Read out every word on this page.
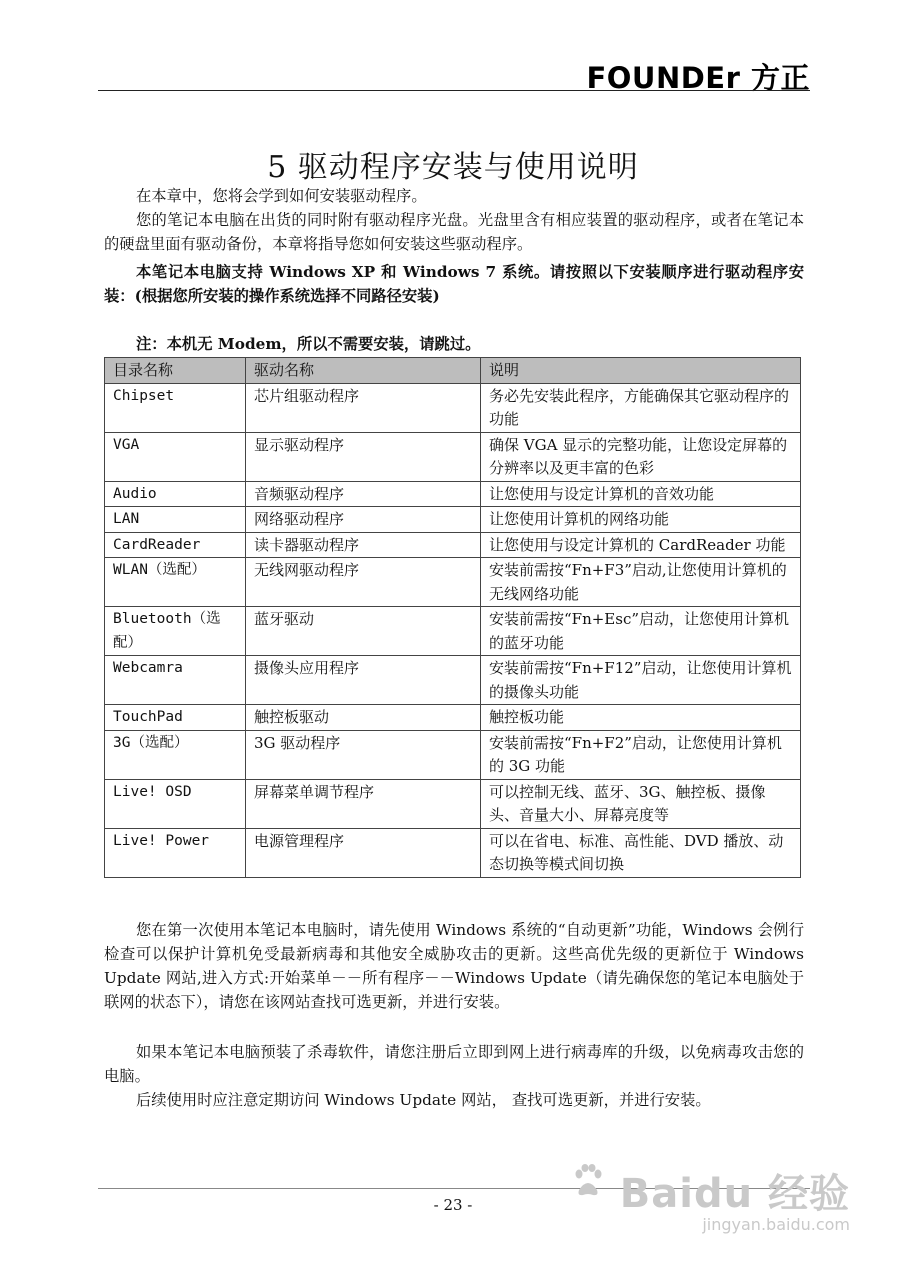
FOUNDEr 方正
5 驱动程序安装与使用说明

在本章中，您将会学到如何安装驱动程序。

您的笔记本电脑在出货的同时附有驱动程序光盘。光盘里含有相应装置的驱动程序，或者在笔记本的硬盘里面有驱动备份，本章将指导您如何安装这些驱动程序。

本笔记本电脑支持 Windows XP 和 Windows 7 系统。请按照以下安装顺序进行驱动程序安装：(根据您所安装的操作系统选择不同路径安装)

注：本机无 Modem，所以不需要安装，请跳过。

目录名称	驱动名称	说明
Chipset	芯片组驱动程序	务必先安装此程序，方能确保其它驱动程序的功能
VGA	显示驱动程序	确保 VGA 显示的完整功能，让您设定屏幕的分辨率以及更丰富的色彩
Audio	音频驱动程序	让您使用与设定计算机的音效功能
LAN	网络驱动程序	让您使用计算机的网络功能
CardReader	读卡器驱动程序	让您使用与设定计算机的 CardReader 功能
WLAN（选配）	无线网驱动程序	安装前需按“Fn+F3”启动,让您使用计算机的无线网络功能
Bluetooth（选配）	蓝牙驱动	安装前需按“Fn+Esc”启动，让您使用计算机的蓝牙功能
Webcamra	摄像头应用程序	安装前需按“Fn+F12”启动，让您使用计算机的摄像头功能
TouchPad	触控板驱动	触控板功能
3G（选配）	3G 驱动程序	安装前需按“Fn+F2”启动，让您使用计算机的 3G 功能
Live! OSD	屏幕菜单调节程序	可以控制无线、蓝牙、3G、触控板、摄像头、音量大小、屏幕亮度等
Live! Power	电源管理程序	可以在省电、标准、高性能、DVD 播放、动态切换等模式间切换

您在第一次使用本笔记本电脑时，请先使用 Windows 系统的“自动更新”功能，Windows 会例行检查可以保护计算机免受最新病毒和其他安全威胁攻击的更新。这些高优先级的更新位于 Windows Update 网站,进入方式:开始菜单－－所有程序－－Windows Update（请先确保您的笔记本电脑处于联网的状态下），请您在该网站查找可选更新，并进行安装。

如果本笔记本电脑预装了杀毒软件，请您注册后立即到网上进行病毒库的升级，以免病毒攻击您的电脑。

后续使用时应注意定期访问 Windows Update 网站， 查找可选更新，并进行安装。

- 23 -	Baidu 经验
jingyan.baidu.com
